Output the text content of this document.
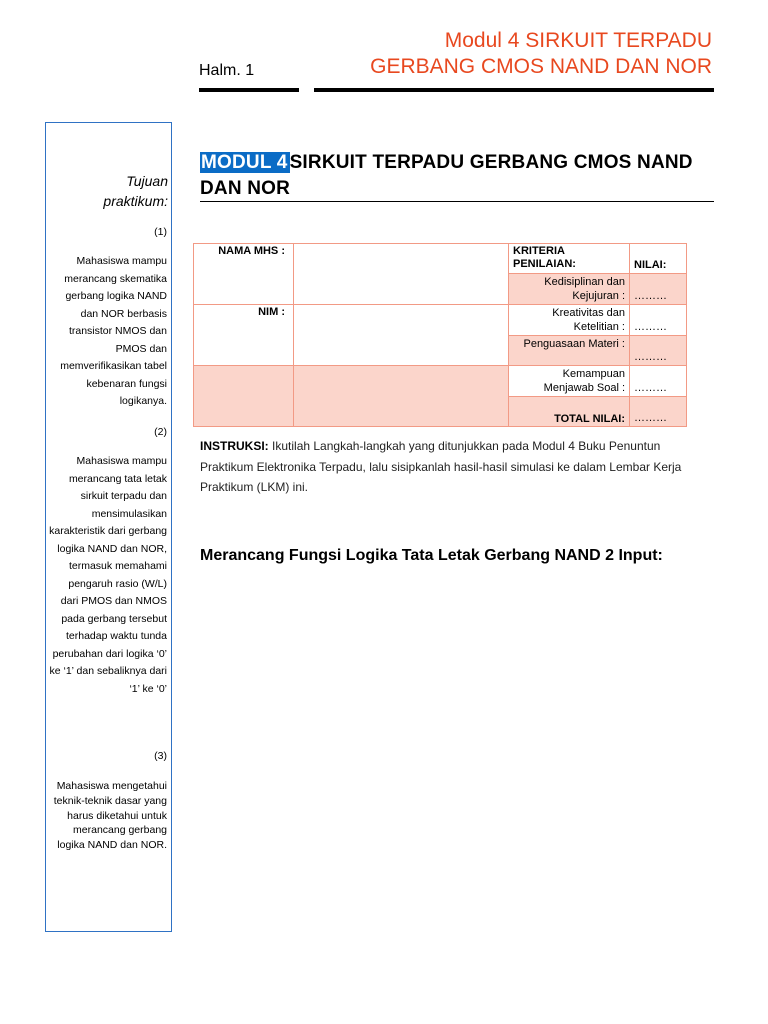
Halm. 1
Modul 4 SIRKUIT TERPADU
GERBANG CMOS NAND DAN NOR
Tujuan
praktikum:
(1)
Mahasiswa mampu merancang skematika gerbang logika NAND dan NOR berbasis transistor NMOS dan PMOS dan memverifikasikan tabel kebenaran fungsi logikanya.
(2)
Mahasiswa mampu merancang tata letak sirkuit terpadu dan mensimulasikan karakteristik dari gerbang logika NAND dan NOR, termasuk memahami pengaruh rasio (W/L) dari PMOS dan NMOS pada gerbang tersebut terhadap waktu tunda perubahan dari logika ‘0’ ke ‘1’ dan sebaliknya dari ‘1’ ke ‘0’
(3)
Mahasiswa mengetahui teknik-teknik dasar yang harus diketahui untuk merancang gerbang logika NAND dan NOR.
MODUL 4 SIRKUIT TERPADU GERBANG CMOS NAND DAN NOR
NAMA MHS :		KRITERIA PENILAIAN:	NILAI:
		Kedisiplinan dan Kejujuran :	………
NIM :		Kreativitas dan Ketelitian :	………
		Penguasaan Materi :	………
		Kemampuan Menjawab Soal :	………
		TOTAL NILAI:	………
INSTRUKSI: Ikutilah Langkah-langkah yang ditunjukkan pada Modul 4 Buku Penuntun Praktikum Elektronika Terpadu, lalu sisipkanlah hasil-hasil simulasi ke dalam Lembar Kerja Praktikum (LKM) ini.
Merancang Fungsi Logika Tata Letak Gerbang NAND 2 Input:
